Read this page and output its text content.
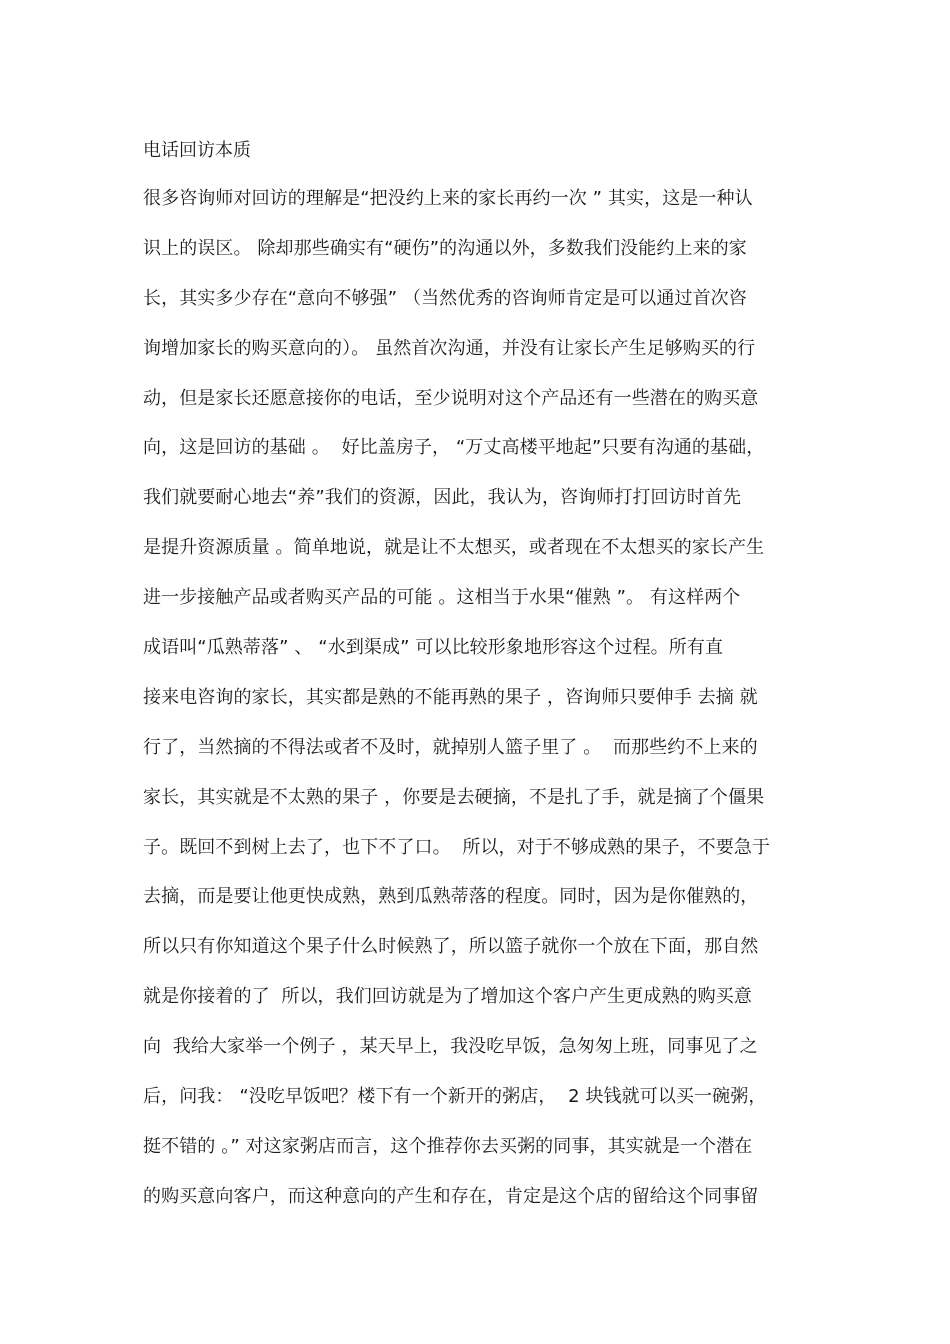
电话回访本质
很多咨询师对回访的理解是“把没约上来的家长再约一次 ” 其实，这是一种认
识上的误区。 除却那些确实有“硬伤”的沟通以外，多数我们没能约上来的家
长，其实多少存在“意向不够强” （当然优秀的咨询师肯定是可以通过首次咨
询增加家长的购买意向的）。 虽然首次沟通，并没有让家长产生足够购买的行
动，但是家长还愿意接你的电话，至少说明对这个产品还有一些潜在的购买意
向，这是回访的基础 。  好比盖房子， “万丈高楼平地起”只要有沟通的基础，
我们就要耐心地去“养”我们的资源，因此，我认为，咨询师打打回访时首先
是提升资源质量 。简单地说，就是让不太想买，或者现在不太想买的家长产生
进一步接触产品或者购买产品的可能 。这相当于水果“催熟 ”。 有这样两个
成语叫“瓜熟蒂落” 、 “水到渠成” 可以比较形象地形容这个过程。所有直
接来电咨询的家长，其实都是熟的不能再熟的果子 ，咨询师只要伸手 去摘 就
行了，当然摘的不得法或者不及时，就掉别人篮子里了 。  而那些约不上来的
家长，其实就是不太熟的果子 ，你要是去硬摘，不是扎了手，就是摘了个僵果
子。既回不到树上去了，也下不了口。  所以，对于不够成熟的果子，不要急于
去摘，而是要让他更快成熟，熟到瓜熟蒂落的程度。同时，因为是你催熟的，
所以只有你知道这个果子什么时候熟了，所以篮子就你一个放在下面，那自然
就是你接着的了  所以，我们回访就是为了增加这个客户产生更成熟的购买意
向  我给大家举一个例子 ，某天早上，我没吃早饭，急匆匆上班，同事见了之
后，问我： “没吃早饭吧？楼下有一个新开的粥店，  2 块钱就可以买一碗粥，
挺不错的 。” 对这家粥店而言，这个推荐你去买粥的同事，其实就是一个潜在
的购买意向客户，而这种意向的产生和存在，肯定是这个店的留给这个同事留
